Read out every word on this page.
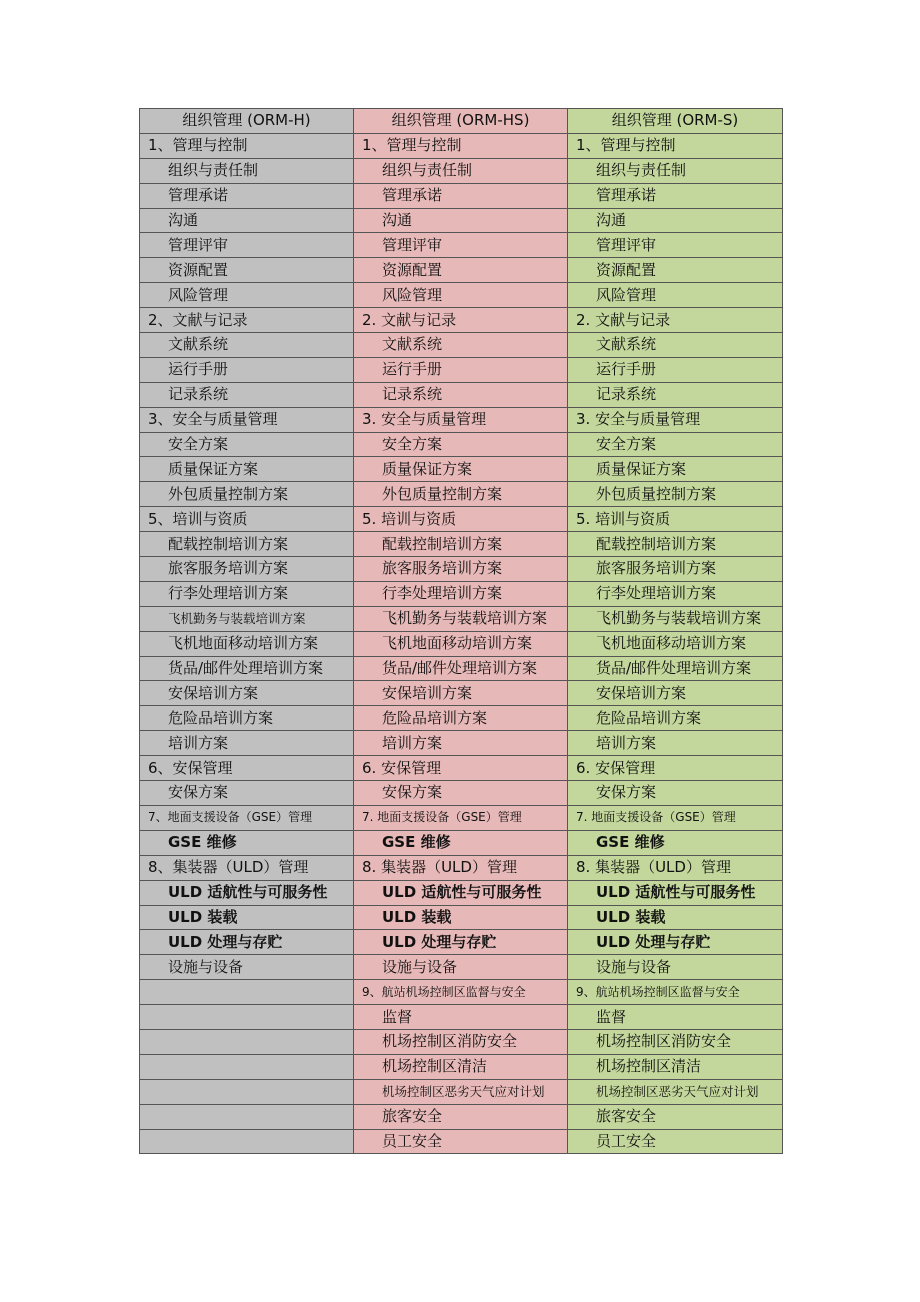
组织管理 (ORM-H)	组织管理 (ORM-HS)	组织管理 (ORM-S)
1、管理与控制	1、管理与控制	1、管理与控制
组织与责任制	组织与责任制	组织与责任制
管理承诺	管理承诺	管理承诺
沟通	沟通	沟通
管理评审	管理评审	管理评审
资源配置	资源配置	资源配置
风险管理	风险管理	风险管理
2、文献与记录	2. 文献与记录	2. 文献与记录
文献系统	文献系统	文献系统
运行手册	运行手册	运行手册
记录系统	记录系统	记录系统
3、安全与质量管理	3. 安全与质量管理	3. 安全与质量管理
安全方案	安全方案	安全方案
质量保证方案	质量保证方案	质量保证方案
外包质量控制方案	外包质量控制方案	外包质量控制方案
5、培训与资质	5. 培训与资质	5. 培训与资质
配载控制培训方案	配载控制培训方案	配载控制培训方案
旅客服务培训方案	旅客服务培训方案	旅客服务培训方案
行李处理培训方案	行李处理培训方案	行李处理培训方案
飞机勤务与装载培训方案	飞机勤务与装载培训方案	飞机勤务与装载培训方案
飞机地面移动培训方案	飞机地面移动培训方案	飞机地面移动培训方案
货品/邮件处理培训方案	货品/邮件处理培训方案	货品/邮件处理培训方案
安保培训方案	安保培训方案	安保培训方案
危险品培训方案	危险品培训方案	危险品培训方案
培训方案	培训方案	培训方案
6、安保管理	6. 安保管理	6. 安保管理
安保方案	安保方案	安保方案
7、地面支援设备（GSE）管理	7. 地面支援设备（GSE）管理	7. 地面支援设备（GSE）管理
GSE 维修	GSE 维修	GSE 维修
8、集装器（ULD）管理	8. 集装器（ULD）管理	8. 集装器（ULD）管理
ULD 适航性与可服务性	ULD 适航性与可服务性	ULD 适航性与可服务性
ULD 装载	ULD 装载	ULD 装载
ULD 处理与存贮	ULD 处理与存贮	ULD 处理与存贮
设施与设备	设施与设备	设施与设备
	9、航站机场控制区监督与安全	9、航站机场控制区监督与安全
	监督	监督
	机场控制区消防安全	机场控制区消防安全
	机场控制区清洁	机场控制区清洁
	机场控制区恶劣天气应对计划	机场控制区恶劣天气应对计划
	旅客安全	旅客安全
	员工安全	员工安全
